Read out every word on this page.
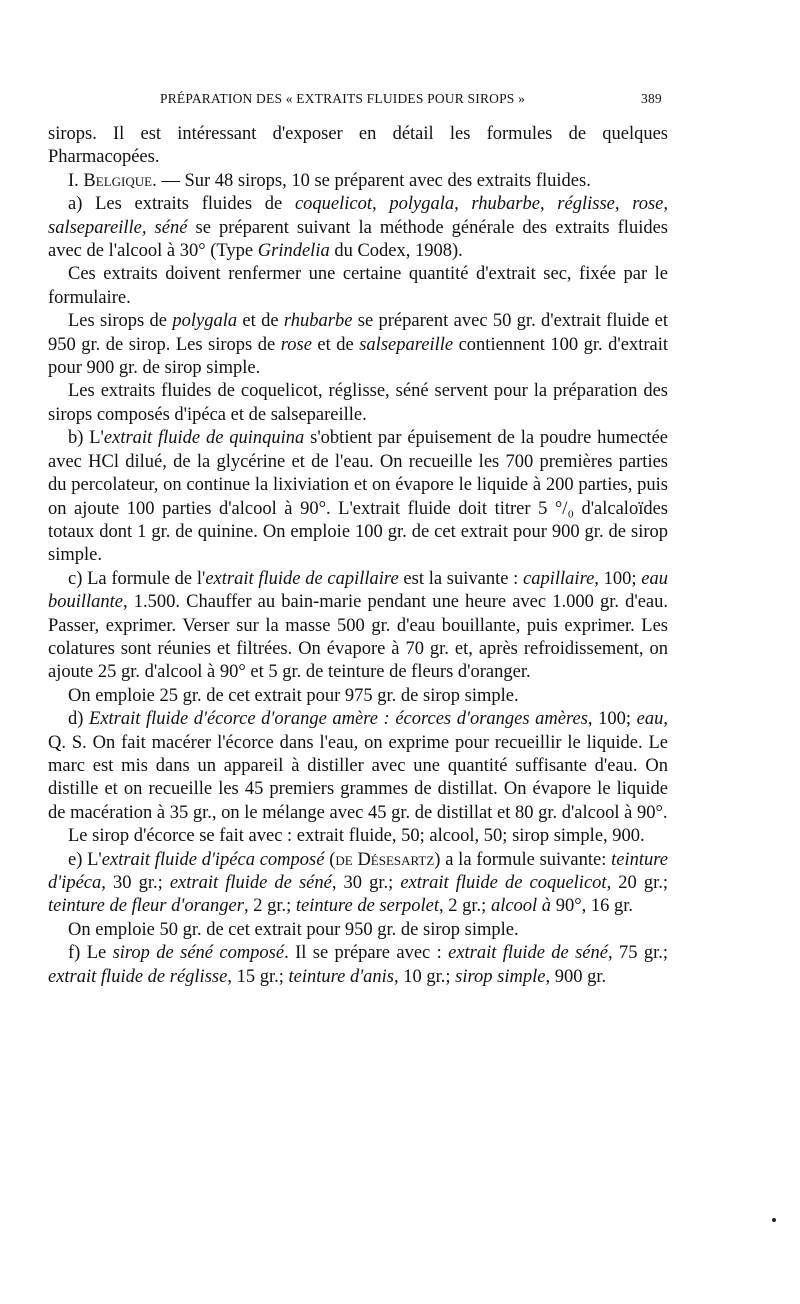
PRÉPARATION DES « EXTRAITS FLUIDES POUR SIROPS »	389

sirops. Il est intéressant d'exposer en détail les formules de quelques Pharmacopées.

I. Belgique. — Sur 48 sirops, 10 se préparent avec des extraits fluides.

a) Les extraits fluides de coquelicot, polygala, rhubarbe, réglisse, rose, salsepareille, séné se préparent suivant la méthode générale des extraits fluides avec de l'alcool à 30° (Type Grindelia du Codex, 1908).

Ces extraits doivent renfermer une certaine quantité d'extrait sec, fixée par le formulaire.

Les sirops de polygala et de rhubarbe se préparent avec 50 gr. d'extrait fluide et 950 gr. de sirop. Les sirops de rose et de salsepareille contiennent 100 gr. d'extrait pour 900 gr. de sirop simple.

Les extraits fluides de coquelicot, réglisse, séné servent pour la préparation des sirops composés d'ipéca et de salsepareille.

b) L'extrait fluide de quinquina s'obtient par épuisement de la poudre humectée avec HCl dilué, de la glycérine et de l'eau. On recueille les 700 premières parties du percolateur, on continue la lixiviation et on évapore le liquide à 200 parties, puis on ajoute 100 parties d'alcool à 90°. L'extrait fluide doit titrer 5 °/₀ d'alcaloïdes totaux dont 1 gr. de quinine. On emploie 100 gr. de cet extrait pour 900 gr. de sirop simple.

c) La formule de l'extrait fluide de capillaire est la suivante : capillaire, 100; eau bouillante, 1.500. Chauffer au bain-marie pendant une heure avec 1.000 gr. d'eau. Passer, exprimer. Verser sur la masse 500 gr. d'eau bouillante, puis exprimer. Les colatures sont réunies et filtrées. On évapore à 70 gr. et, après refroidissement, on ajoute 25 gr. d'alcool à 90° et 5 gr. de teinture de fleurs d'oranger.

On emploie 25 gr. de cet extrait pour 975 gr. de sirop simple.

d) Extrait fluide d'écorce d'orange amère : écorces d'oranges amères, 100; eau, Q. S. On fait macérer l'écorce dans l'eau, on exprime pour recueillir le liquide. Le marc est mis dans un appareil à distiller avec une quantité suffisante d'eau. On distille et on recueille les 45 premiers grammes de distillat. On évapore le liquide de macération à 35 gr., on le mélange avec 45 gr. de distillat et 80 gr. d'alcool à 90°.

Le sirop d'écorce se fait avec : extrait fluide, 50; alcool, 50; sirop simple, 900.

e) L'extrait fluide d'ipéca composé (de Désesartz) a la formule suivante: teinture d'ipéca, 30 gr.; extrait fluide de séné, 30 gr.; extrait fluide de coquelicot, 20 gr.; teinture de fleur d'oranger, 2 gr.; teinture de serpolet, 2 gr.; alcool à 90°, 16 gr.

On emploie 50 gr. de cet extrait pour 950 gr. de sirop simple.

f) Le sirop de séné composé. Il se prépare avec : extrait fluide de séné, 75 gr.; extrait fluide de réglisse, 15 gr.; teinture d'anis, 10 gr.; sirop simple, 900 gr.
